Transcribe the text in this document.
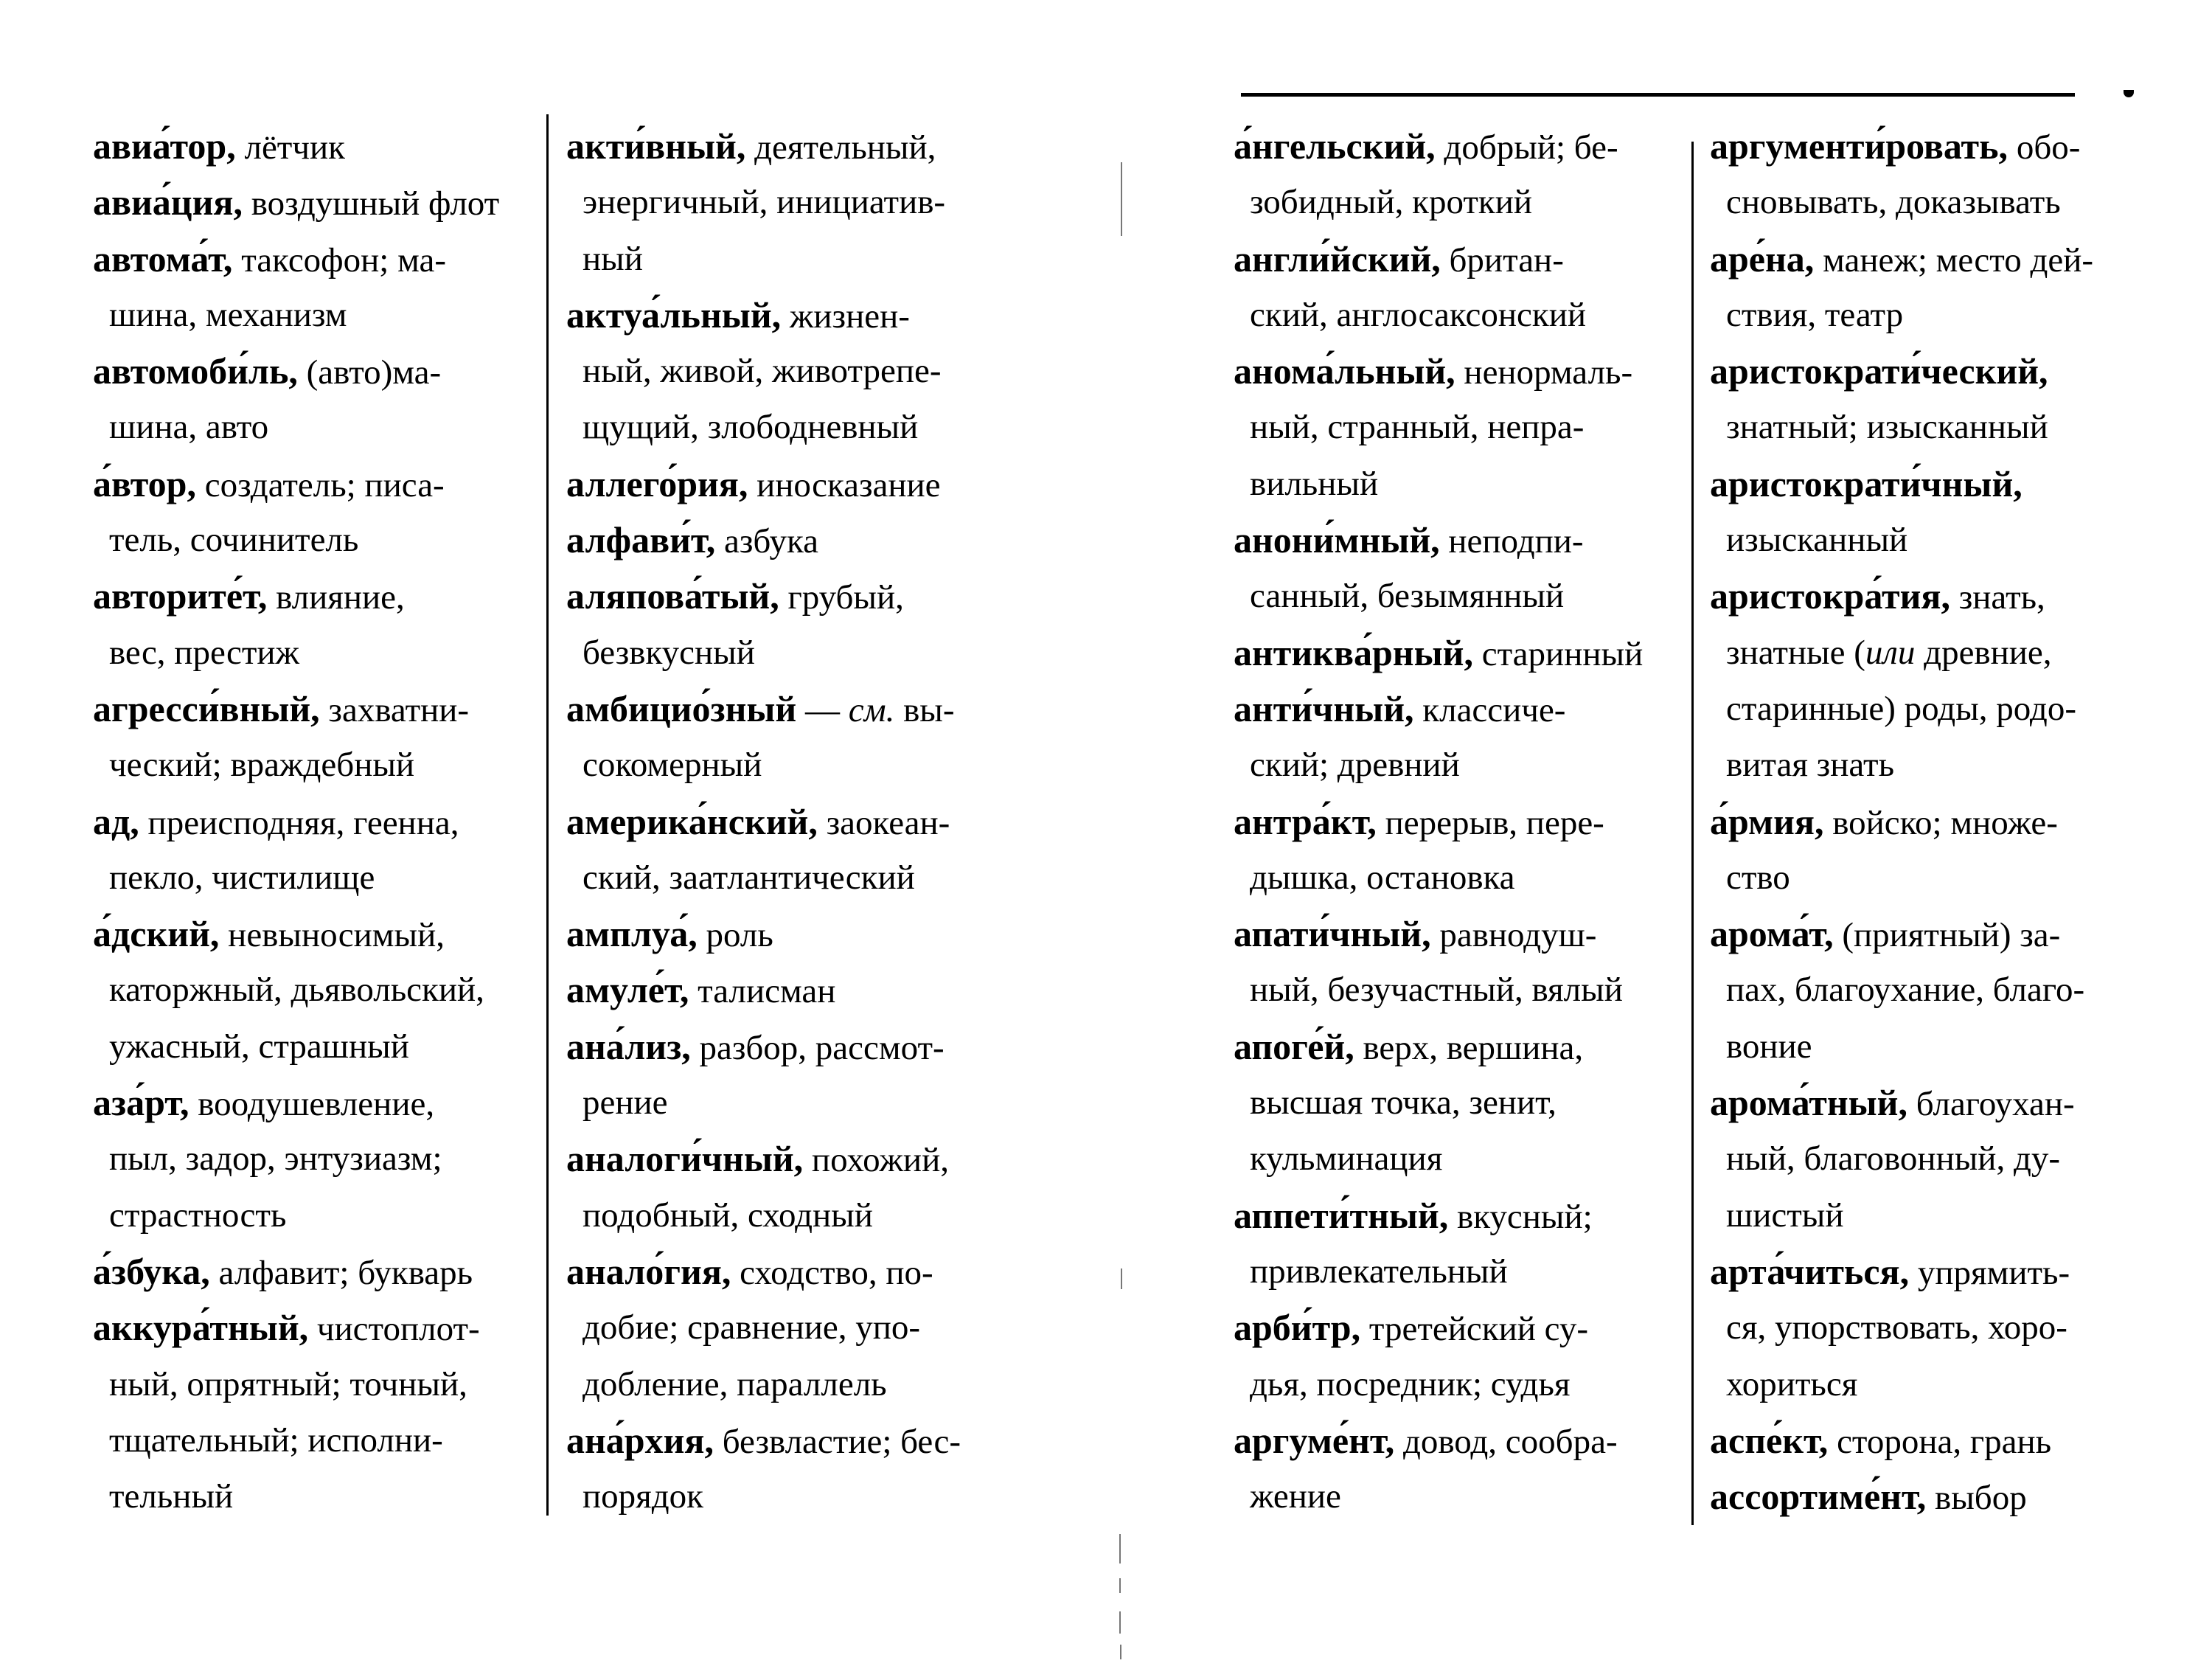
авиа́тор, лётчик
авиа́ция, воздушный флот
автома́т, таксофон; ма-
шина, механизм
автомоби́ль, (авто)ма-
шина, авто
а́втор, создатель; писа-
тель, сочинитель
авторите́т, влияние,
вес, престиж
агресси́вный, захватни-
ческий; враждебный
ад, преисподняя, геенна,
пекло, чистилище
а́дский, невыносимый,
каторжный, дьявольский,
ужасный, страшный
аза́рт, воодушевление,
пыл, задор, энтузиазм;
страстность
а́збука, алфавит; букварь
аккура́тный, чистоплот-
ный, опрятный; точный,
тщательный; исполни-
тельный
акти́вный, деятельный,
энергичный, инициатив-
ный
актуа́льный, жизнен-
ный, живой, животрепе-
щущий, злободневный
аллего́рия, иносказание
алфави́т, азбука
аляпова́тый, грубый,
безвкусный
амбицио́зный — см. вы-
сокомерный
америка́нский, заокеан-
ский, заатлантический
амплуа́, роль
амуле́т, талисман
ана́лиз, разбор, рассмот-
рение
аналоги́чный, похожий,
подобный, сходный
анало́гия, сходство, по-
добие; сравнение, упо-
добление, параллель
ана́рхия, безвластие; бес-
порядок
а́нгельский, добрый; бе-
зобидный, кроткий
англи́йский, британ-
ский, англосаксонский
анома́льный, ненормаль-
ный, странный, непра-
вильный
анони́мный, неподпи-
санный, безымянный
антиква́рный, старинный
анти́чный, классиче-
ский; древний
антра́кт, перерыв, пере-
дышка, остановка
апати́чный, равнодуш-
ный, безучастный, вялый
апоге́й, верх, вершина,
высшая точка, зенит,
кульминация
аппети́тный, вкусный;
привлекательный
арби́тр, третейский су-
дья, посредник; судья
аргуме́нт, довод, сообра-
жение
аргументи́ровать, обо-
сновывать, доказывать
аре́на, манеж; место дей-
ствия, театр
аристократи́ческий,
знатный; изысканный
аристократи́чный,
изысканный
аристокра́тия, знать,
знатные (или древние,
старинные) роды, родо-
витая знать
а́рмия, войско; множе-
ство
арома́т, (приятный) за-
пах, благоухание, благо-
воние
арома́тный, благоухан-
ный, благовонный, ду-
шистый
арта́читься, упрямить-
ся, упорствовать, хоро-
хориться
аспе́кт, сторона, грань
ассортиме́нт, выбор
